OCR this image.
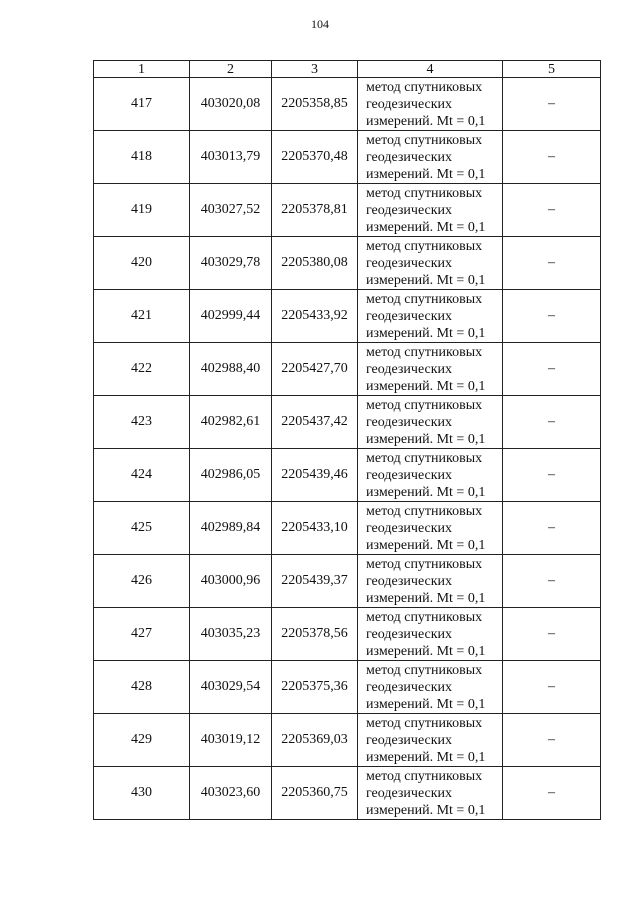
104
1	2	3	4	5
417	403020,08	2205358,85	метод спутниковых
геодезических
измерений. Mt = 0,1	–
418	403013,79	2205370,48	метод спутниковых
геодезических
измерений. Mt = 0,1	–
419	403027,52	2205378,81	метод спутниковых
геодезических
измерений. Mt = 0,1	–
420	403029,78	2205380,08	метод спутниковых
геодезических
измерений. Mt = 0,1	–
421	402999,44	2205433,92	метод спутниковых
геодезических
измерений. Mt = 0,1	–
422	402988,40	2205427,70	метод спутниковых
геодезических
измерений. Mt = 0,1	–
423	402982,61	2205437,42	метод спутниковых
геодезических
измерений. Mt = 0,1	–
424	402986,05	2205439,46	метод спутниковых
геодезических
измерений. Mt = 0,1	–
425	402989,84	2205433,10	метод спутниковых
геодезических
измерений. Mt = 0,1	–
426	403000,96	2205439,37	метод спутниковых
геодезических
измерений. Mt = 0,1	–
427	403035,23	2205378,56	метод спутниковых
геодезических
измерений. Mt = 0,1	–
428	403029,54	2205375,36	метод спутниковых
геодезических
измерений. Mt = 0,1	–
429	403019,12	2205369,03	метод спутниковых
геодезических
измерений. Mt = 0,1	–
430	403023,60	2205360,75	метод спутниковых
геодезических
измерений. Mt = 0,1	–
